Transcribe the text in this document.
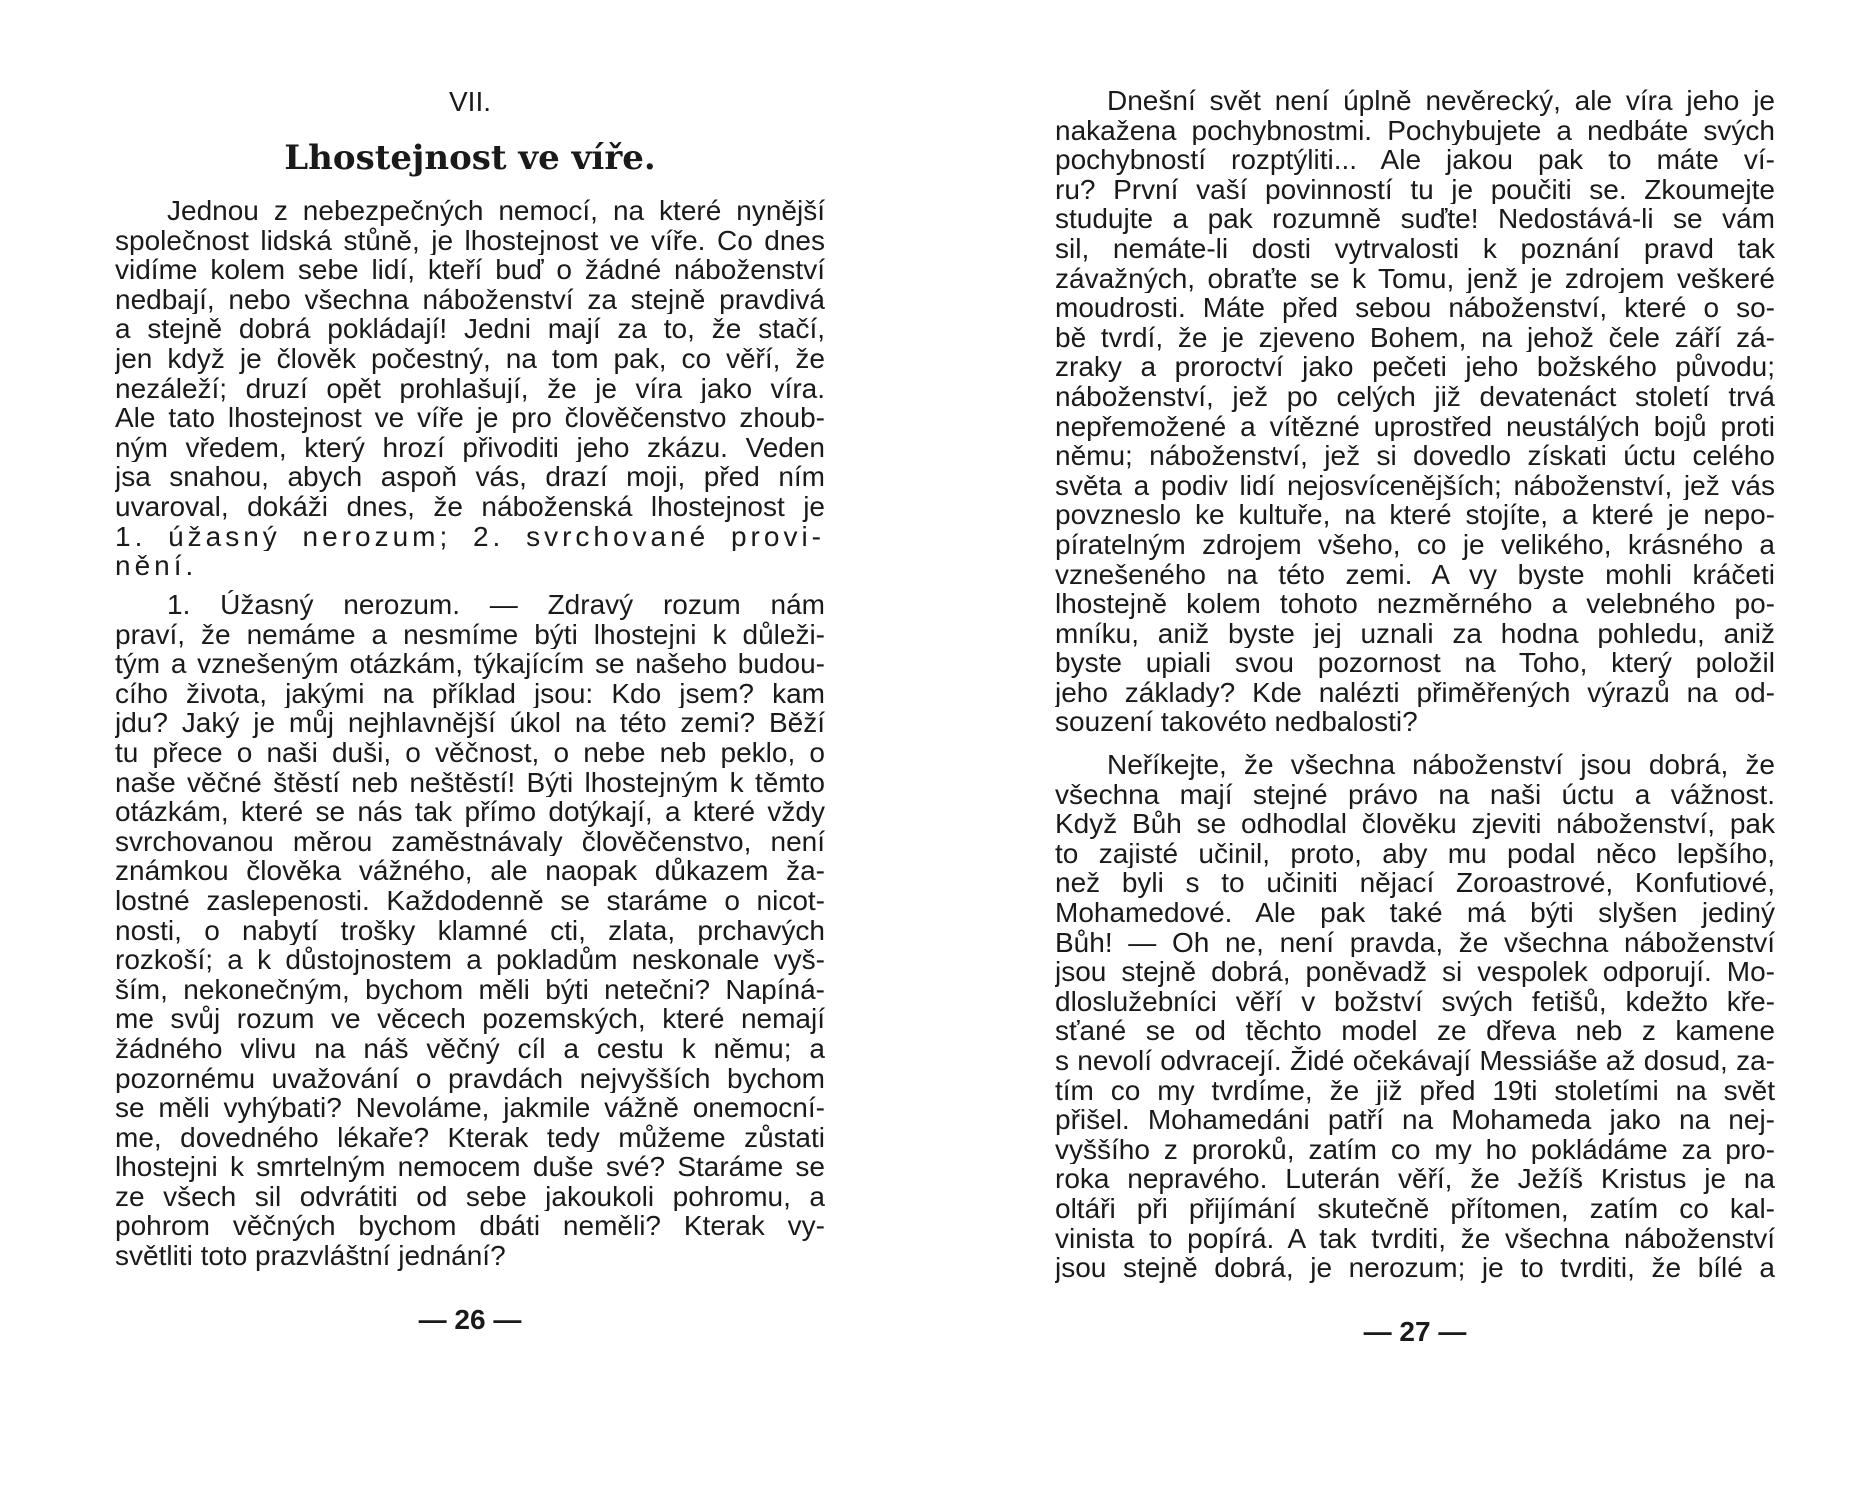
VII.
Lhostejnost ve víře.
Jednou z nebezpečných nemocí, na které nynější
společnost lidská stůně, je lhostejnost ve víře. Co dnes
vidíme kolem sebe lidí, kteří buď o žádné náboženství
nedbají, nebo všechna náboženství za stejně pravdivá
a stejně dobrá pokládají! Jedni mají za to, že stačí,
jen když je člověk počestný, na tom pak, co věří, že
nezáleží; druzí opět prohlašují, že je víra jako víra.
Ale tato lhostejnost ve víře je pro člověčenstvo zhoub-
ným vředem, který hrozí přivoditi jeho zkázu. Veden
jsa snahou, abych aspoň vás, drazí moji, před ním
uvaroval, dokáži dnes, že náboženská lhostejnost je
1. úžasný nerozum; 2. svrchované provi-
nění.
1. Úžasný nerozum. — Zdravý rozum nám
praví, že nemáme a nesmíme býti lhostejni k důleži-
tým a vznešeným otázkám, týkajícím se našeho budou-
cího života, jakými na příklad jsou: Kdo jsem? kam
jdu? Jaký je můj nejhlavnější úkol na této zemi? Běží
tu přece o naši duši, o věčnost, o nebe neb peklo, o
naše věčné štěstí neb neštěstí! Býti lhostejným k těmto
otázkám, které se nás tak přímo dotýkají, a které vždy
svrchovanou měrou zaměstnávaly člověčenstvo, není
známkou člověka vážného, ale naopak důkazem ža-
lostné zaslepenosti. Každodenně se staráme o nicot-
nosti, o nabytí trošky klamné cti, zlata, prchavých
rozkoší; a k důstojnostem a pokladům neskonale vyš-
ším, nekonečným, bychom měli býti netečni? Napíná-
me svůj rozum ve věcech pozemských, které nemají
žádného vlivu na náš věčný cíl a cestu k němu; a
pozornému uvažování o pravdách nejvyšších bychom
se měli vyhýbati? Nevoláme, jakmile vážně onemocní-
me, dovedného lékaře? Kterak tedy můžeme zůstati
lhostejni k smrtelným nemocem duše své? Staráme se
ze všech sil odvrátiti od sebe jakoukoli pohromu, a
pohrom věčných bychom dbáti neměli? Kterak vy-
světliti toto prazvláštní jednání?
— 26 —
Dnešní svět není úplně nevěrecký, ale víra jeho je
nakažena pochybnostmi. Pochybujete a nedbáte svých
pochybností rozptýliti... Ale jakou pak to máte ví-
ru? První vaší povinností tu je poučiti se. Zkoumejte
studujte a pak rozumně suďte! Nedostává-li se vám
sil, nemáte-li dosti vytrvalosti k poznání pravd tak
závažných, obraťte se k Tomu, jenž je zdrojem veškeré
moudrosti. Máte před sebou náboženství, které o so-
bě tvrdí, že je zjeveno Bohem, na jehož čele září zá-
zraky a proroctví jako pečeti jeho božského původu;
náboženství, jež po celých již devatenáct století trvá
nepřemožené a vítězné uprostřed neustálých bojů proti
němu; náboženství, jež si dovedlo získati úctu celého
světa a podiv lidí nejosvícenějších; náboženství, jež vás
povzneslo ke kultuře, na které stojíte, a které je nepo-
píratelným zdrojem všeho, co je velikého, krásného a
vznešeného na této zemi. A vy byste mohli kráčeti
lhostejně kolem tohoto nezměrného a velebného po-
mníku, aniž byste jej uznali za hodna pohledu, aniž
byste upiali svou pozornost na Toho, který položil
jeho základy? Kde nalézti přiměřených výrazů na od-
souzení takovéto nedbalosti?
Neříkejte, že všechna náboženství jsou dobrá, že
všechna mají stejné právo na naši úctu a vážnost.
Když Bůh se odhodlal člověku zjeviti náboženství, pak
to zajisté učinil, proto, aby mu podal něco lepšího,
než byli s to učiniti nějací Zoroastrové, Konfutiové,
Mohamedové. Ale pak také má býti slyšen jediný
Bůh! — Oh ne, není pravda, že všechna náboženství
jsou stejně dobrá, poněvadž si vespolek odporují. Mo-
dloslužebníci věří v božství svých fetišů, kdežto kře-
sťané se od těchto model ze dřeva neb z kamene
s nevolí odvracejí. Židé očekávají Messiáše až dosud, za-
tím co my tvrdíme, že již před 19ti stoletími na svět
přišel. Mohamedáni patří na Mohameda jako na nej-
vyššího z proroků, zatím co my ho pokládáme za pro-
roka nepravého. Luterán věří, že Ježíš Kristus je na
oltáři při přijímání skutečně přítomen, zatím co kal-
vinista to popírá. A tak tvrditi, že všechna náboženství
jsou stejně dobrá, je nerozum; je to tvrditi, že bílé a
— 27 —
